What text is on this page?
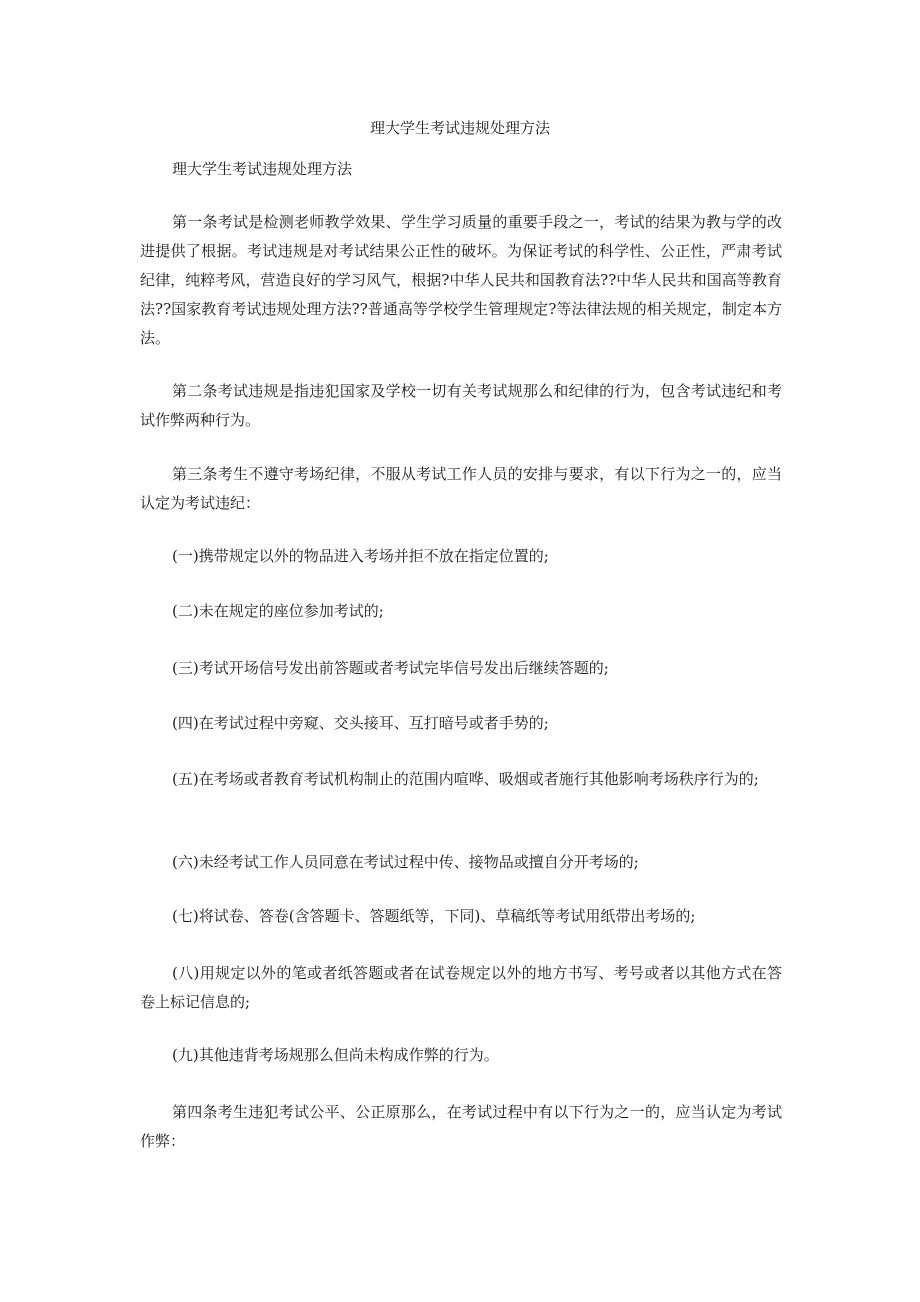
理大学生考试违规处理方法

理大学生考试违规处理方法

第一条考试是检测老师教学效果、学生学习质量的重要手段之一，考试的结果为教与学的改进提供了根据。考试违规是对考试结果公正性的破坏。为保证考试的科学性、公正性，严肃考试纪律，纯粹考风，营造良好的学习风气，根据?中华人民共和国教育法??中华人民共和国高等教育法??国家教育考试违规处理方法??普通高等学校学生管理规定?等法律法规的相关规定，制定本方法。

第二条考试违规是指违犯国家及学校一切有关考试规那么和纪律的行为，包含考试违纪和考试作弊两种行为。

第三条考生不遵守考场纪律，不服从考试工作人员的安排与要求，有以下行为之一的，应当认定为考试违纪：

(一)携带规定以外的物品进入考场并拒不放在指定位置的;

(二)未在规定的座位参加考试的;

(三)考试开场信号发出前答题或者考试完毕信号发出后继续答题的;

(四)在考试过程中旁窥、交头接耳、互打暗号或者手势的;

(五)在考场或者教育考试机构制止的范围内喧哗、吸烟或者施行其他影响考场秩序行为的;

(六)未经考试工作人员同意在考试过程中传、接物品或擅自分开考场的;

(七)将试卷、答卷(含答题卡、答题纸等，下同)、草稿纸等考试用纸带出考场的;

(八)用规定以外的笔或者纸答题或者在试卷规定以外的地方书写、考号或者以其他方式在答卷上标记信息的;

(九)其他违背考场规那么但尚未构成作弊的行为。

第四条考生违犯考试公平、公正原那么，在考试过程中有以下行为之一的，应当认定为考试作弊：
